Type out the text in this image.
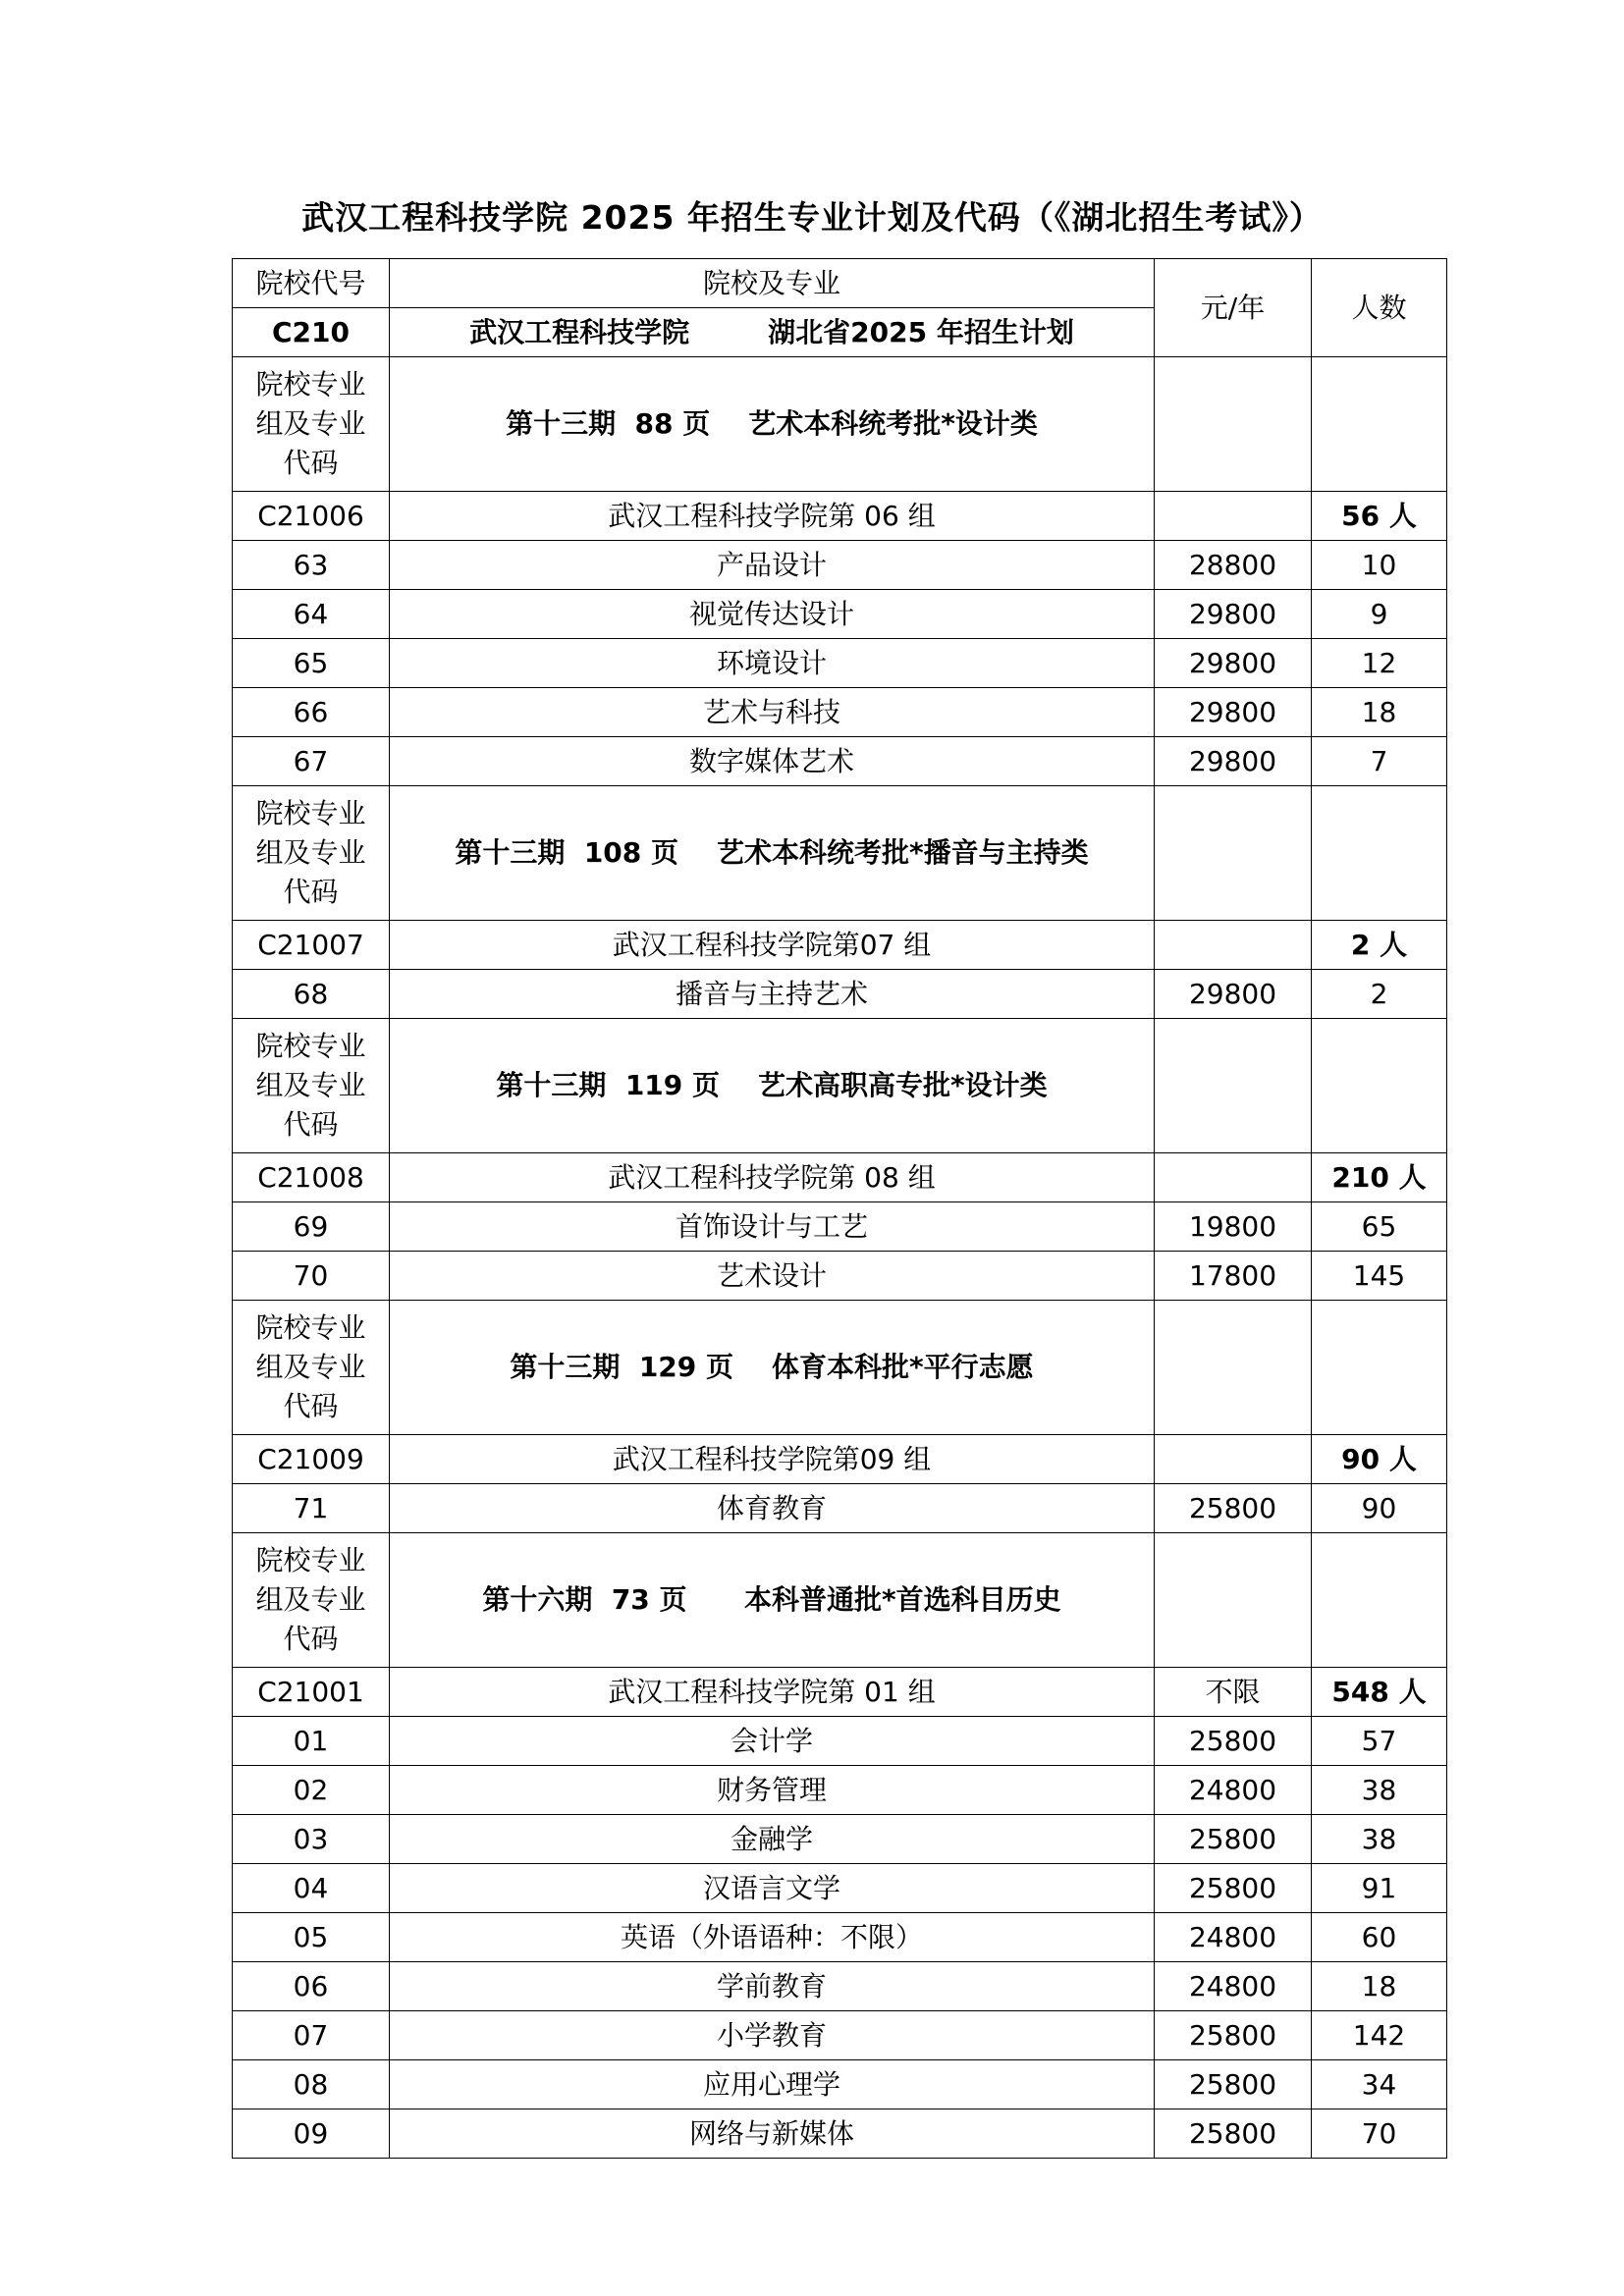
武汉工程科技学院 2025 年招生专业计划及代码（《湖北招生考试》）
院校代号	院校及专业	元/年	人数
C210	武汉工程科技学院 湖北省2025 年招生计划		
院校专业组及专业代码	第十三期  88 页    艺术本科统考批*设计类		
C21006	武汉工程科技学院第 06 组		56 人
63	产品设计	28800	10
64	视觉传达设计	29800	9
65	环境设计	29800	12
66	艺术与科技	29800	18
67	数字媒体艺术	29800	7
院校专业组及专业代码	第十三期  108 页    艺术本科统考批*播音与主持类		
C21007	武汉工程科技学院第07 组		2 人
68	播音与主持艺术	29800	2
院校专业组及专业代码	第十三期  119 页    艺术高职高专批*设计类		
C21008	武汉工程科技学院第 08 组		210 人
69	首饰设计与工艺	19800	65
70	艺术设计	17800	145
院校专业组及专业代码	第十三期  129 页    体育本科批*平行志愿		
C21009	武汉工程科技学院第09 组		90 人
71	体育教育	25800	90
院校专业组及专业代码	第十六期  73 页      本科普通批*首选科目历史		
C21001	武汉工程科技学院第 01 组	不限	548 人
01	会计学	25800	57
02	财务管理	24800	38
03	金融学	25800	38
04	汉语言文学	25800	91
05	英语（外语语种：不限）	24800	60
06	学前教育	24800	18
07	小学教育	25800	142
08	应用心理学	25800	34
09	网络与新媒体	25800	70
